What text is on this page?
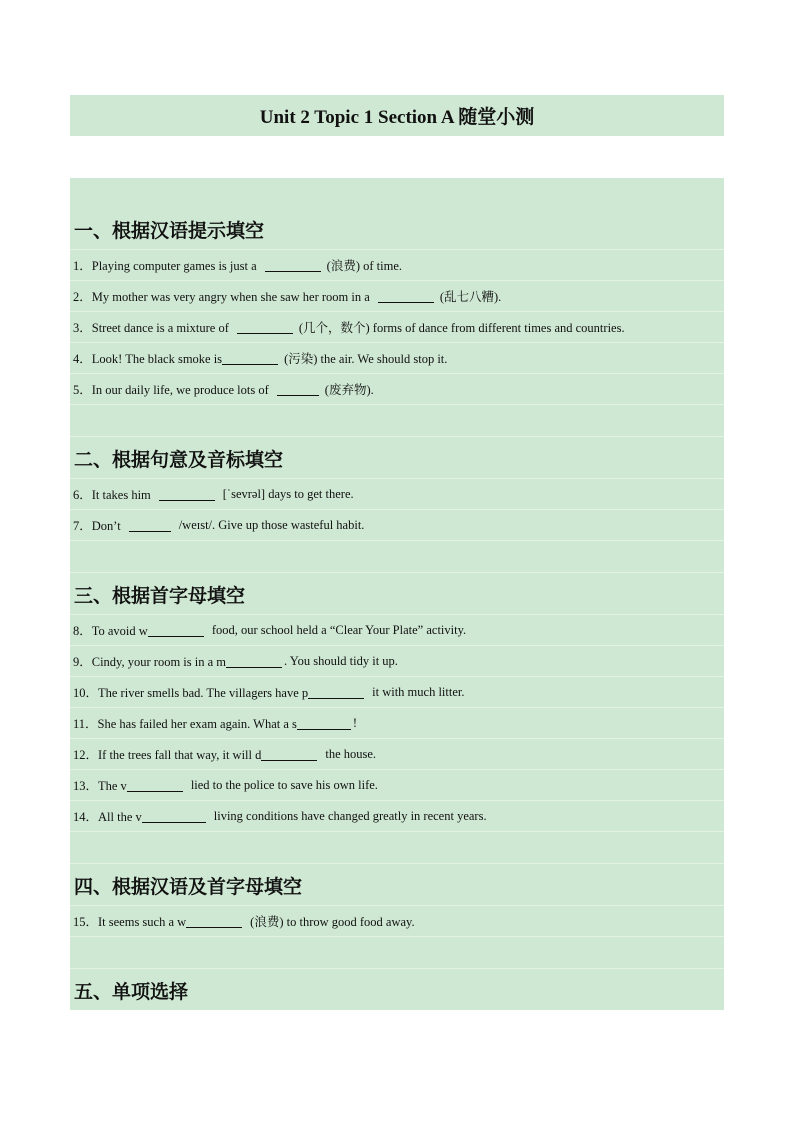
Unit 2 Topic 1 Section A 随堂小测
一、根据汉语提示填空
1．Playing computer games is just a	(浪费) of time.
2．My mother was very angry when she saw her room in a	(乱七八糟).
3．Street dance is a mixture of	(几个，数个) forms of dance from different times and countries.
4．Look! The black smoke is	(污染) the air. We should stop it.
5．In our daily life, we produce lots of	(废弃物).
二、根据句意及音标填空
6．It takes him	[ˈsevrəl] days to get there.
7．Don’t	/weɪst/. Give up those wasteful habit.
三、根据首字母填空
8．To avoid w	food, our school held a “Clear Your Plate” activity.
9．Cindy, your room is in a m	. You should tidy it up.
10．The river smells bad. The villagers have p	it with much litter.
11．She has failed her exam again. What a s	!
12．If the trees fall that way, it will d	the house.
13．The v	lied to the police to save his own life.
14．All the v	living conditions have changed greatly in recent years.
四、根据汉语及首字母填空
15．It seems such a w	(浪费) to throw good food away.
五、单项选择
